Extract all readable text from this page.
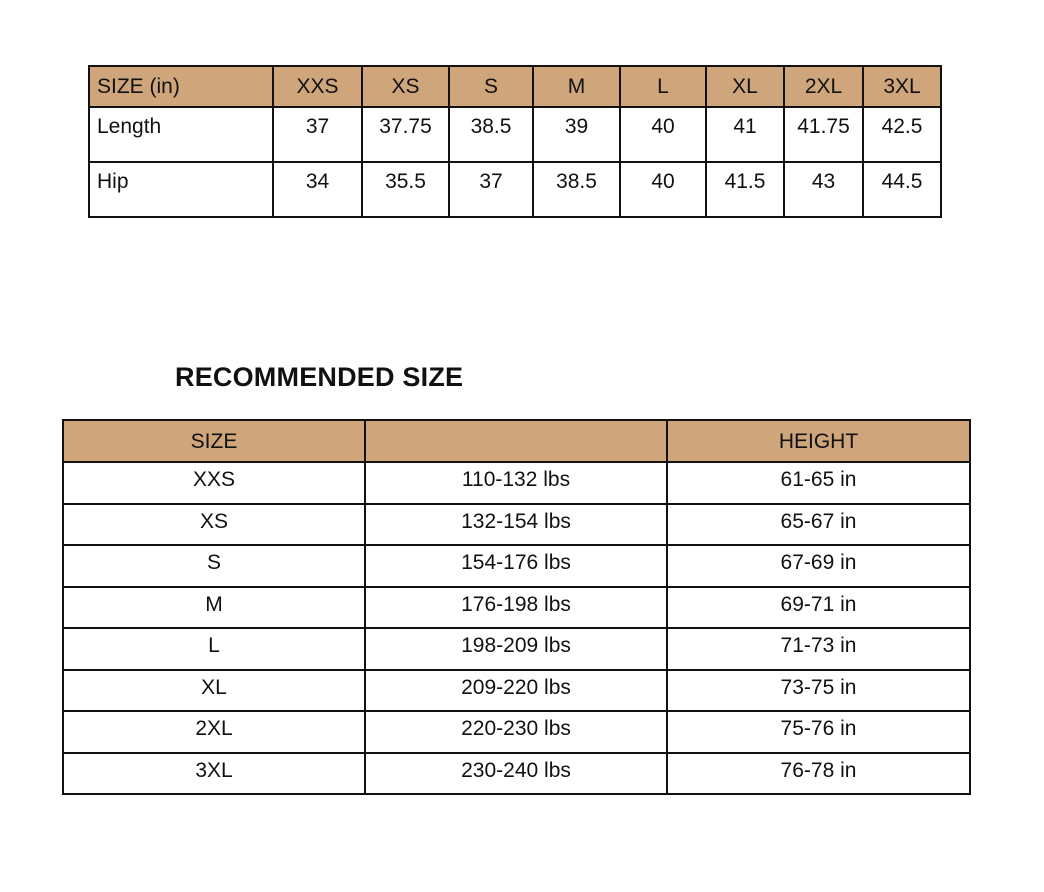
SIZE (in)	XXS	XS	S	M	L	XL	2XL	3XL
Length	37	37.75	38.5	39	40	41	41.75	42.5
Hip	34	35.5	37	38.5	40	41.5	43	44.5
RECOMMENDED SIZE
SIZE		HEIGHT
XXS	110-132 lbs	61-65 in
XS	132-154 lbs	65-67 in
S	154-176 lbs	67-69 in
M	176-198 lbs	69-71 in
L	198-209 lbs	71-73 in
XL	209-220 lbs	73-75 in
2XL	220-230 lbs	75-76 in
3XL	230-240 lbs	76-78 in
